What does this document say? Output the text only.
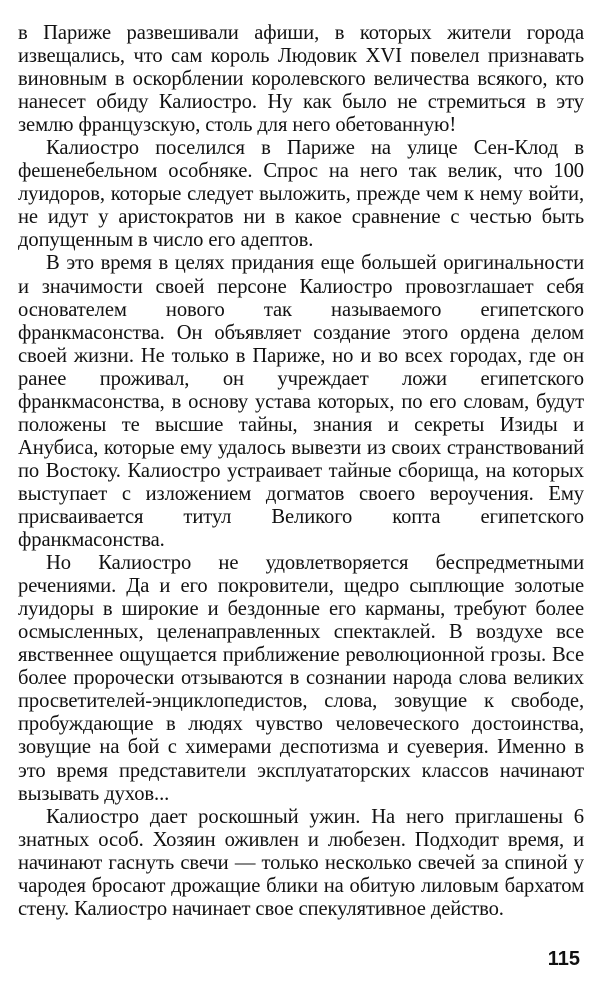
в Париже развешивали афиши, в которых жители города извещались, что сам король Людовик XVI повелел признавать виновным в оскорблении королевского величества всякого, кто нанесет обиду Калиостро. Ну как было не стремиться в эту землю французскую, столь для него обетованную!

Калиостро поселился в Париже на улице Сен-Клод в фешенебельном особняке. Спрос на него так велик, что 100 луидоров, которые следует выложить, прежде чем к нему войти, не идут у аристократов ни в какое сравнение с честью быть допущенным в число его адептов.

В это время в целях придания еще большей оригинальности и значимости своей персоне Калиостро провозглашает себя основателем нового так называемого египетского франкмасонства. Он объявляет создание этого ордена делом своей жизни. Не только в Париже, но и во всех городах, где он ранее проживал, он учреждает ложи египетского франкмасонства, в основу устава которых, по его словам, будут положены те высшие тайны, знания и секреты Изиды и Анубиса, которые ему удалось вывезти из своих странствований по Востоку. Калиостро устраивает тайные сборища, на которых выступает с изложением догматов своего вероучения. Ему присваивается титул Великого копта египетского франкмасонства.

Но Калиостро не удовлетворяется беспредметными речениями. Да и его покровители, щедро сыплющие золотые луидоры в широкие и бездонные его карманы, требуют более осмысленных, целенаправленных спектаклей. В воздухе все явственнее ощущается приближение революционной грозы. Все более пророчески отзываются в сознании народа слова великих просветителей-энциклопедистов, слова, зовущие к свободе, пробуждающие в людях чувство человеческого достоинства, зовущие на бой с химерами деспотизма и суеверия. Именно в это время представители эксплуататорских классов начинают вызывать духов...

Калиостро дает роскошный ужин. На него приглашены 6 знатных особ. Хозяин оживлен и любезен. Подходит время, и начинают гаснуть свечи — только несколько свечей за спиной у чародея бросают дрожащие блики на обитую лиловым бархатом стену. Калиостро начинает свое спекулятивное действо.

115
